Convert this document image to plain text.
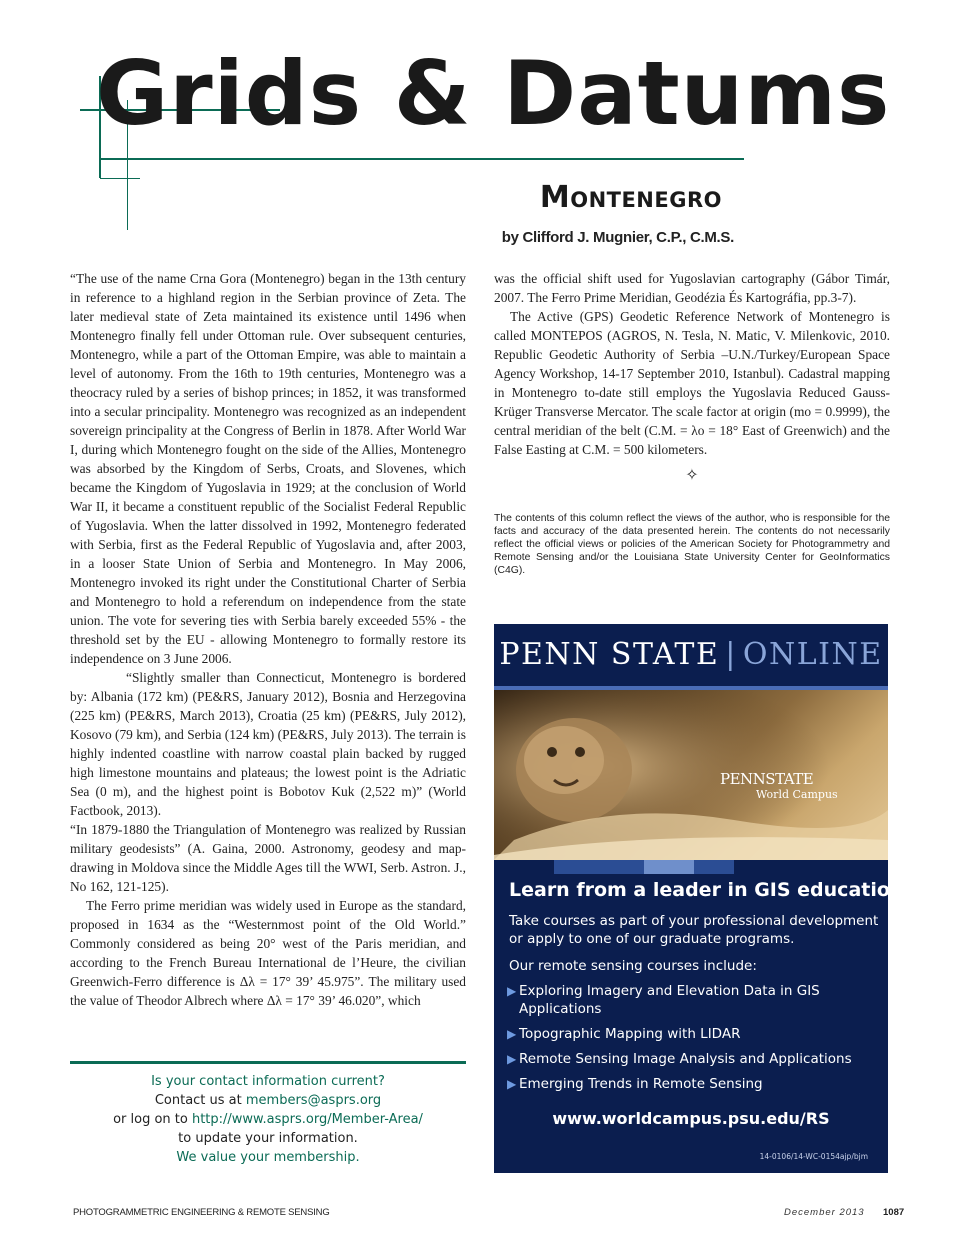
Grids & Datums
Montenegro
by Clifford J. Mugnier, C.P., C.M.S.

“The use of the name Crna Gora (Montenegro) began in the 13th century in reference to a highland region in the Serbian province of Zeta. The later medieval state of Zeta maintained its existence until 1496 when Montenegro finally fell under Ottoman rule. Over subsequent centuries, Montenegro, while a part of the Ottoman Empire, was able to maintain a level of autonomy. From the 16th to 19th centuries, Montenegro was a theocracy ruled by a series of bishop princes; in 1852, it was transformed into a secular principality. Montenegro was recognized as an independent sovereign principality at the Congress of Berlin in 1878. After World War I, during which Montenegro fought on the side of the Allies, Montenegro was absorbed by the Kingdom of Serbs, Croats, and Slovenes, which became the Kingdom of Yugoslavia in 1929; at the conclusion of World War II, it became a constituent republic of the Socialist Federal Republic of Yugoslavia. When the latter dissolved in 1992, Montenegro federated with Serbia, first as the Federal Republic of Yugoslavia and, after 2003, in a looser State Union of Serbia and Montenegro. In May 2006, Montenegro invoked its right under the Constitutional Charter of Serbia and Montenegro to hold a referendum on independence from the state union. The vote for severing ties with Serbia barely exceeded 55% - the threshold set by the EU - allowing Montenegro to formally restore its independence on 3 June 2006.

“Slightly smaller than Connecticut, Montenegro is bordered by: Albania (172 km) (PE&RS, January 2012), Bosnia and Herzegovina (225 km) (PE&RS, March 2013), Croatia (25 km) (PE&RS, July 2012), Kosovo (79 km), and Serbia (124 km) (PE&RS, July 2013). The terrain is highly indented coastline with narrow coastal plain backed by rugged high limestone mountains and plateaus; the lowest point is the Adriatic Sea (0 m), and the highest point is Bobotov Kuk (2,522 m)” (World Factbook, 2013).

“In 1879-1880 the Triangulation of Montenegro was realized by Russian military geodesists” (A. Gaina, 2000. Astronomy, geodesy and map-drawing in Moldova since the Middle Ages till the WWI, Serb. Astron. J., No 162, 121-125).

The Ferro prime meridian was widely used in Europe as the standard, proposed in 1634 as the “Westernmost point of the Old World.” Commonly considered as being 20° west of the Paris meridian, and according to the French Bureau International de l’Heure, the civilian Greenwich-Ferro difference is Δλ = 17° 39’ 45.975”. The military used the value of Theodor Albrech where Δλ = 17° 39’ 46.020”, which

was the official shift used for Yugoslavian cartography (Gábor Timár, 2007. The Ferro Prime Meridian, Geodézia És Kartográfia, pp.3-7).

The Active (GPS) Geodetic Reference Network of Montenegro is called MONTEPOS (AGROS, N. Tesla, N. Matic, V. Milenkovic, 2010. Republic Geodetic Authority of Serbia –U.N./Turkey/European Space Agency Workshop, 14-17 September 2010, Istanbul). Cadastral mapping in Montenegro to-date still employs the Yugoslavia Reduced Gauss-Krüger Transverse Mercator. The scale factor at origin (mo = 0.9999), the central meridian of the belt (C.M. = λo = 18° East of Greenwich) and the False Easting at C.M. = 500 kilometers.

✧
The contents of this column reflect the views of the author, who is responsible for the facts and accuracy of the data presented herein. The contents do not necessarily reflect the official views or policies of the American Society for Photogrammetry and Remote Sensing and/or the Louisiana State University Center for GeoInformatics (C4G).
Is your contact information current?
Contact us at members@asprs.org
or log on to http://www.asprs.org/Member-Area/
to update your information.
We value your membership.
PENN STATE | ONLINE
PENNSTATE
World Campus
Learn from a leader in GIS education
Take courses as part of your professional development or apply to one of our graduate programs.
Our remote sensing courses include:
▶ Exploring Imagery and Elevation Data in GIS Applications
▶ Topographic Mapping with LIDAR
▶ Remote Sensing Image Analysis and Applications
▶ Emerging Trends in Remote Sensing
www.worldcampus.psu.edu/RS
14-0106/14-WC-0154ajp/bjm
PHOTOGRAMMETRIC ENGINEERING & REMOTE SENSING	December 2013 1087
